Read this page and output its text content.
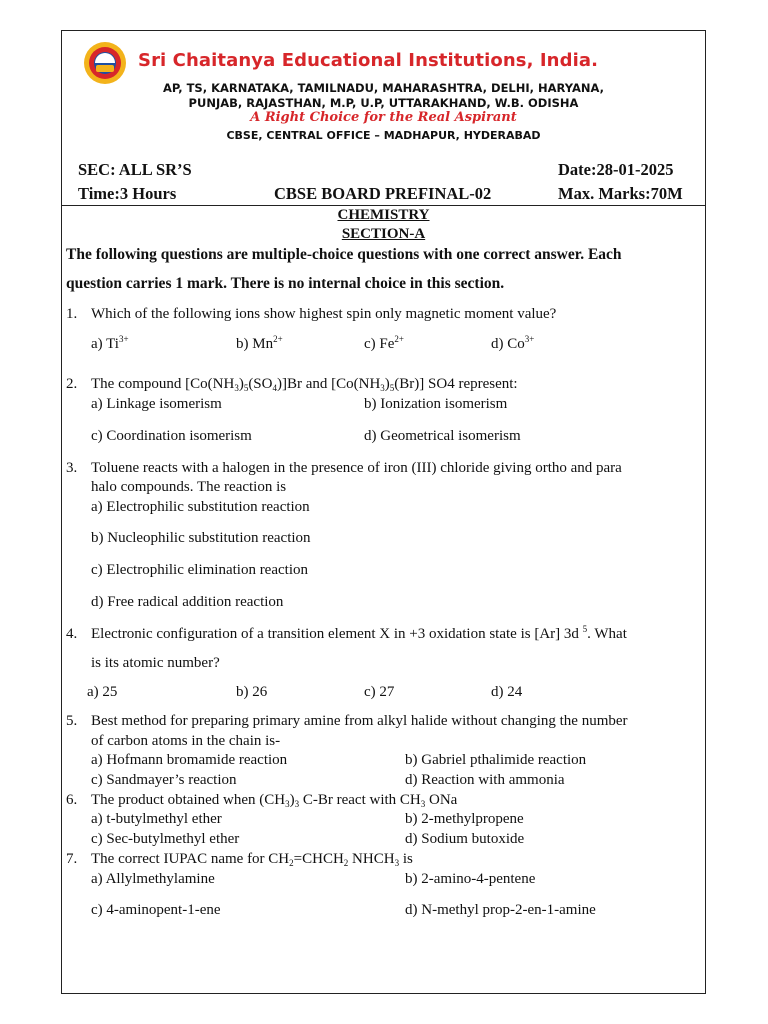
Sri Chaitanya Educational Institutions, India.
AP, TS, KARNATAKA, TAMILNADU, MAHARASHTRA, DELHI, HARYANA,
PUNJAB, RAJASTHAN, M.P, U.P, UTTARAKHAND, W.B. ODISHA
A Right Choice for the Real Aspirant
CBSE, CENTRAL OFFICE – MADHAPUR, HYDERABAD
SEC: ALL SR’S	Date:28-01-2025
Time:3 Hours	CBSE BOARD PREFINAL-02	Max. Marks:70M
CHEMISTRY
SECTION-A
The following questions are multiple-choice questions with one correct answer. Each
question carries 1 mark. There is no internal choice in this section.
1. Which of the following ions show highest spin only magnetic moment value?
a) $Ti^{3+}$	b) $Mn^{2+}$	c) $Fe^{2+}$	d) $Co^{3+}$
2. The compound $[Co(NH_3)_5(SO_4)]Br$ and $[Co(NH_3)_5(Br)]$ SO4 represent:
a) Linkage isomerism	b) Ionization isomerism
c) Coordination isomerism	d) Geometrical isomerism
3. Toluene reacts with a halogen in the presence of iron (III) chloride giving ortho and para
halo compounds. The reaction is
a) Electrophilic substitution reaction
b) Nucleophilic substitution reaction
c) Electrophilic elimination reaction
d) Free radical addition reaction
4. Electronic configuration of a transition element X in +3 oxidation state is [Ar] 3d $^5$. What
is its atomic number?
a) 25	b) 26	c) 27	d) 24
5. Best method for preparing primary amine from alkyl halide without changing the number
of carbon atoms in the chain is-
a) Hofmann bromamide reaction	b) Gabriel pthalimide reaction
c) Sandmayer’s reaction	d) Reaction with ammonia
6. The product obtained when $(CH_3)_3$ C-Br react with $CH_3$ ONa
a) t-butylmethyl ether	b) 2-methylpropene
c) Sec-butylmethyl ether	d) Sodium butoxide
7. The correct IUPAC name for $CH_2=CHCH_2$ $NHCH_3$ is
a) Allylmethylamine	b) 2-amino-4-pentene
c) 4-aminopent-1-ene	d) N-methyl prop-2-en-1-amine
